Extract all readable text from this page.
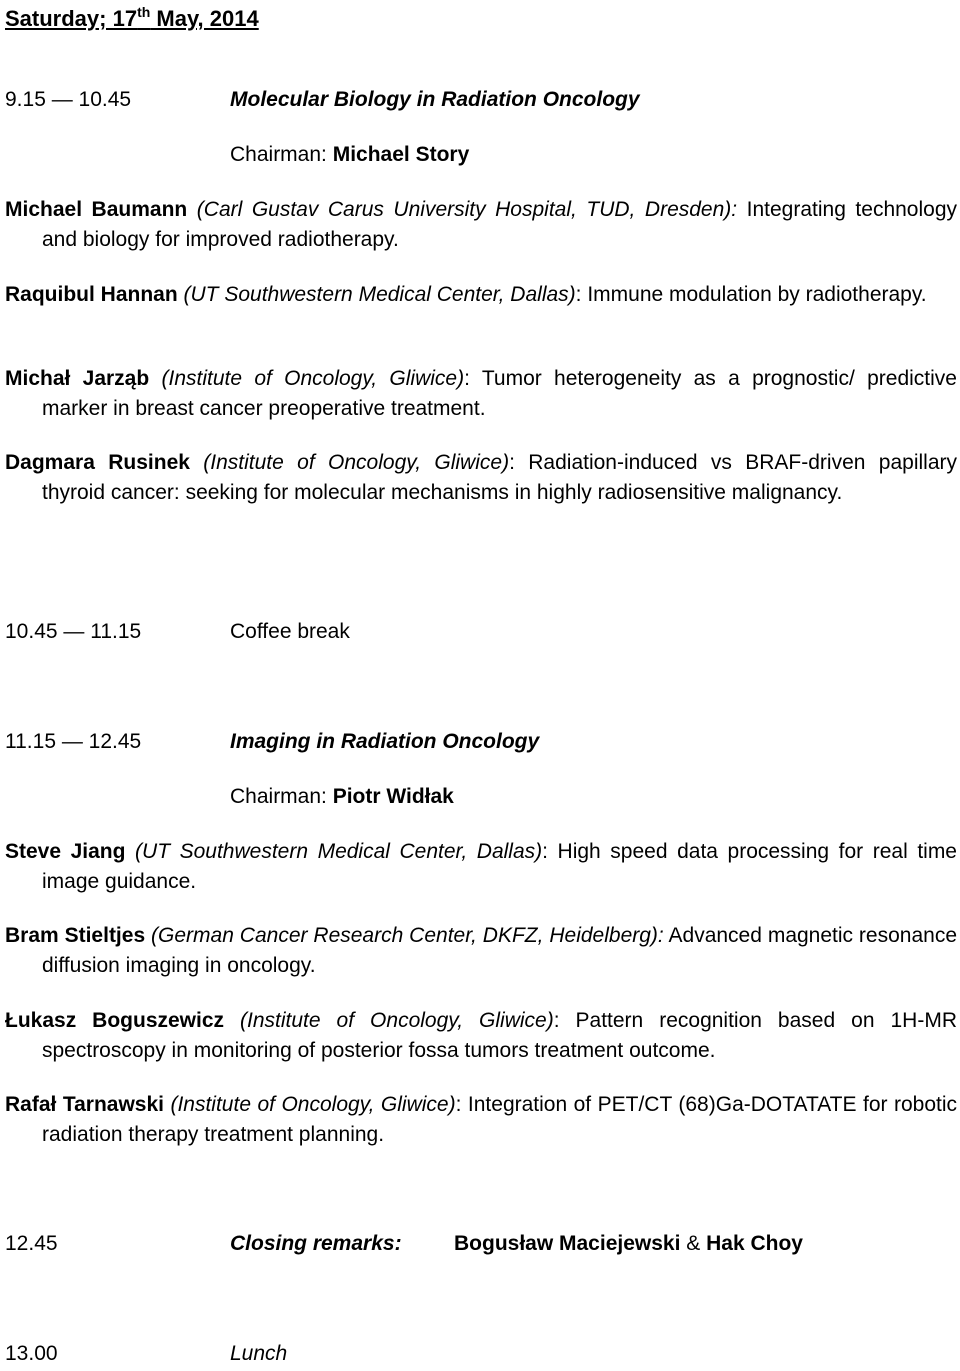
Saturday; 17th May, 2014
9.15 — 10.45	Molecular Biology in Radiation Oncology
Chairman: Michael Story

Michael Baumann (Carl Gustav Carus University Hospital, TUD, Dresden): Integrating technology and biology for improved radiotherapy.

Raquibul Hannan (UT Southwestern Medical Center, Dallas): Immune modulation by radiotherapy.

Michał Jarząb (Institute of Oncology, Gliwice): Tumor heterogeneity as a prognostic/ predictive marker in breast cancer preoperative treatment.

Dagmara Rusinek (Institute of Oncology, Gliwice): Radiation-induced vs BRAF-driven papillary thyroid cancer: seeking for molecular mechanisms in highly radiosensitive malignancy.

10.45 — 11.15	Coffee break
11.15 — 12.45	Imaging in Radiation Oncology
Chairman: Piotr Widłak

Steve Jiang (UT Southwestern Medical Center, Dallas): High speed data processing for real time image guidance.

Bram Stieltjes (German Cancer Research Center, DKFZ, Heidelberg): Advanced magnetic resonance diffusion imaging in oncology.

Łukasz Boguszewicz (Institute of Oncology, Gliwice): Pattern recognition based on 1H-MR spectroscopy in monitoring of posterior fossa tumors treatment outcome.

Rafał Tarnawski (Institute of Oncology, Gliwice): Integration of PET/CT (68)Ga-DOTATATE for robotic radiation therapy treatment planning.

12.45	Closing remarks: Bogusław Maciejewski & Hak Choy
13.00	Lunch
